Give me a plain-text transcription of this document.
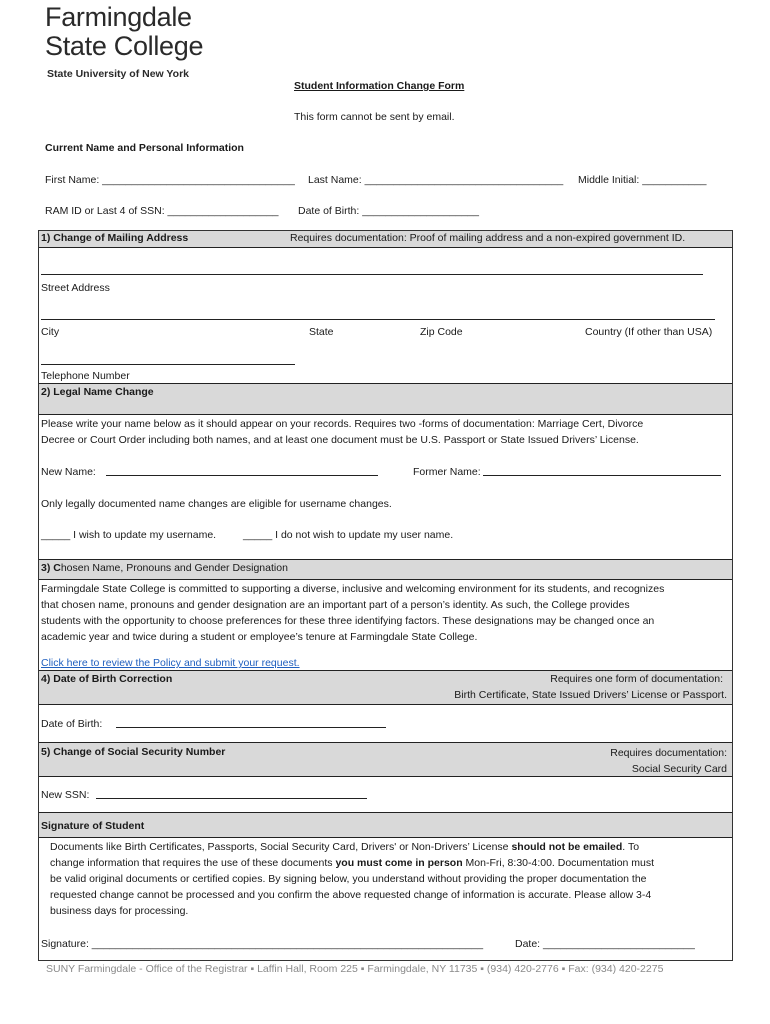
Farmingdale
State College
State University of New York
Student Information Change Form
This form cannot be sent by email.
Current Name and Personal Information
First Name: _________________________________ Last Name: __________________________________ Middle Initial: ___________
RAM ID or Last 4 of SSN: ___________________ Date of Birth: ____________________
1) Change of Mailing Address	Requires documentation: Proof of mailing address and a non-expired government ID.
Street Address
City	State	Zip Code	Country (If other than USA)
Telephone Number
2) Legal Name Change
Please write your name below as it should appear on your records. Requires two -forms of documentation: Marriage Cert, Divorce
Decree or Court Order including both names, and at least one document must be U.S. Passport or State Issued Drivers’ License.
New Name:	Former Name:
Only legally documented name changes are eligible for username changes.
_____ I wish to update my username.	_____ I do not wish to update my user name.
3) Chosen Name, Pronouns and Gender Designation
Farmingdale State College is committed to supporting a diverse, inclusive and welcoming environment for its students, and recognizes
that chosen name, pronouns and gender designation are an important part of a person’s identity. As such, the College provides
students with the opportunity to choose preferences for these three identifying factors. These designations may be changed once an
academic year and twice during a student or employee’s tenure at Farmingdale State College.
Click here to review the Policy and submit your request.
4) Date of Birth Correction	Requires one form of documentation:
Birth Certificate, State Issued Drivers’ License or Passport.
Date of Birth:
5) Change of Social Security Number	Requires documentation:
Social Security Card
New SSN:
Signature of Student
Documents like Birth Certificates, Passports, Social Security Card, Drivers' or Non-Drivers’ License should not be emailed. To
change information that requires the use of these documents you must come in person Mon-Fri, 8:30-4:00. Documentation must
be valid original documents or certified copies. By signing below, you understand without providing the proper documentation the
requested change cannot be processed and you confirm the above requested change of information is accurate. Please allow 3-4
business days for processing.
Signature: ___________________________________________________________________	Date: __________________________
SUNY Farmingdale - Office of the Registrar ▪ Laffin Hall, Room 225 ▪ Farmingdale, NY 11735 ▪ (934) 420-2776 ▪ Fax: (934) 420-2275
